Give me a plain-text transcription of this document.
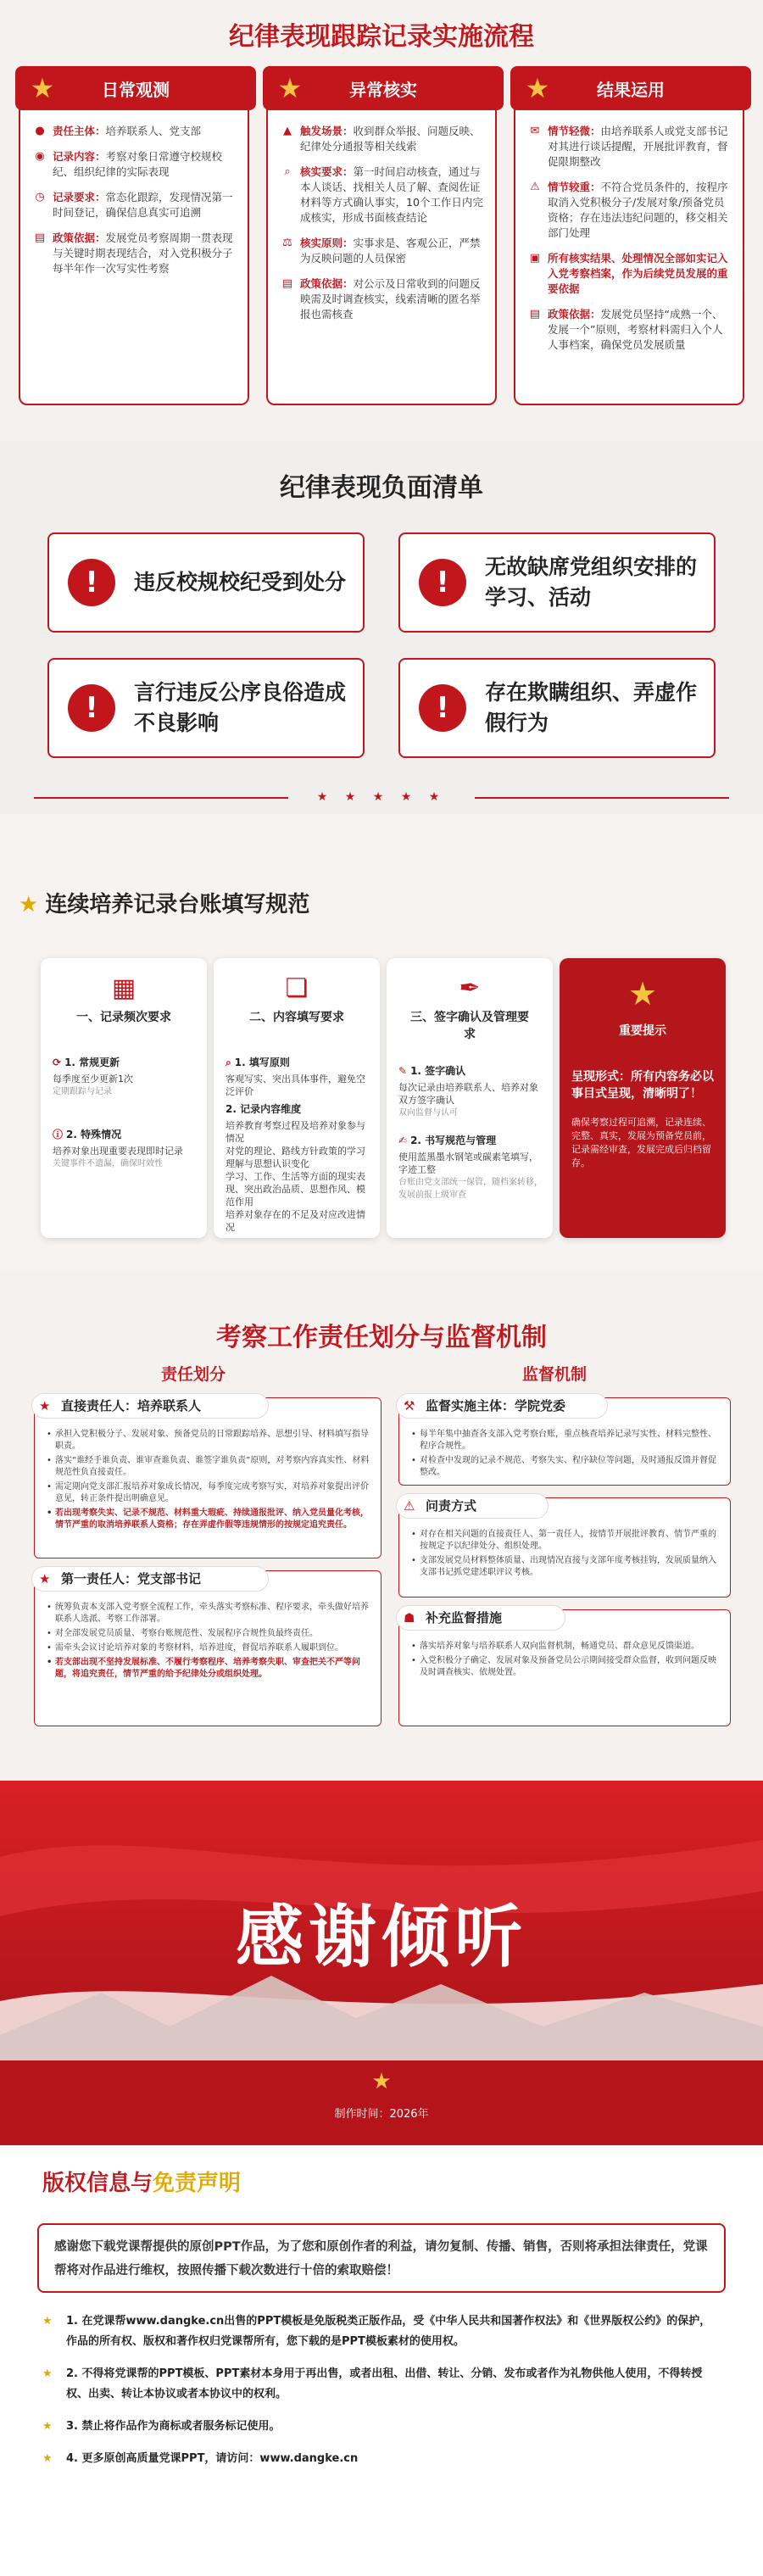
纪律表现跟踪记录实施流程
★	日常观测
● 责任主体：培养联系人、党支部
◉ 记录内容：考察对象日常遵守校规校纪、组织纪律的实际表现
◷ 记录要求：常态化跟踪，发现情况第一时间登记，确保信息真实可追溯
▤ 政策依据：发展党员考察周期一贯表现与关键时期表现结合，对入党积极分子每半年作一次写实性考察
★	异常核实
▲ 触发场景：收到群众举报、问题反映、纪律处分通报等相关线索
⌕ 核实要求：第一时间启动核查，通过与本人谈话、找相关人员了解、查阅佐证材料等方式确认事实，10个工作日内完成核实，形成书面核查结论
⚖ 核实原则：实事求是、客观公正，严禁为反映问题的人员保密
▤ 政策依据：对公示及日常收到的问题反映需及时调查核实，线索清晰的匿名举报也需核查
★	结果运用
✉ 情节轻微：由培养联系人或党支部书记对其进行谈话提醒，开展批评教育，督促限期整改
⚠ 情节较重：不符合党员条件的，按程序取消入党积极分子/发展对象/预备党员资格；存在违法违纪问题的，移交相关部门处理
▣ 所有核实结果、处理情况全部如实记入入党考察档案，作为后续党员发展的重要依据
▤ 政策依据：发展党员坚持“成熟一个、发展一个”原则，考察材料需归入个人人事档案，确保党员发展质量
纪律表现负面清单
!	违反校规校纪受到处分	!	无故缺席党组织安排的学习、活动
!	言行违反公序良俗造成不良影响	!	存在欺瞒组织、弄虚作假行为
★ ★ ★ ★ ★
★ 连续培养记录台账填写规范
▦
一、记录频次要求
⟳ 1. 常规更新
每季度至少更新1次
定期跟踪与记录
ⓘ 2. 特殊情况
培养对象出现重要表现即时记录
关键事件不遗漏，确保时效性
❏
二、内容填写要求
⌕ 1. 填写原则
客观写实、突出具体事件，避免空泛评价
2. 记录内容维度
培养教育考察过程及培养对象参与情况
对党的理论、路线方针政策的学习理解与思想认识变化
学习、工作、生活等方面的现实表现、突出政治品质、思想作风、模范作用
培养对象存在的不足及对应改进情况
✒
三、签字确认及管理要求
✎ 1. 签字确认
每次记录由培养联系人、培养对象双方签字确认
双向监督与认可
✍ 2. 书写规范与管理
使用蓝黑墨水钢笔或碳素笔填写，字迹工整
台账由党支部统一保管，随档案转移，发展前报上级审查
★
重要提示
呈现形式：所有内容务必以事目式呈现，清晰明了！
确保考察过程可追溯，记录连续、完整、真实，发展为预备党员前，记录需经审查，发展完成后归档留存。
考察工作责任划分与监督机制
责任划分	监督机制
★ 直接责任人：培养联系人
• 承担入党积极分子、发展对象、预备党员的日常跟踪培养、思想引导、材料填写指导职责。
• 落实“谁经手谁负责、谁审查谁负责、谁签字谁负责”原则，对考察内容真实性、材料规范性负直接责任。
• 需定期向党支部汇报培养对象成长情况，每季度完成考察写实，对培养对象提出评价意见，转正条件提出明确意见。
• 若出现考察失实、记录不规范、材料重大瑕疵、持续通报批评、纳入党员量化考核，情节严重的取消培养联系人资格；存在弄虚作假等违规情形的按规定追究责任。
★ 第一责任人：党支部书记
• 统筹负责本支部入党考察全流程工作，牵头落实考察标准、程序要求，牵头做好培养联系人选派、考察工作部署。
• 对全部发展党员质量、考察台账规范性、发展程序合规性负最终责任。
• 需牵头会议讨论培养对象的考察材料，培养进度，督促培养联系人履职到位。
• 若支部出现不坚持发展标准、不履行考察程序、培养考察失职、审查把关不严等问题，将追究责任，情节严重的给予纪律处分或组织处理。
⚒ 监督实施主体：学院党委
• 每半年集中抽查各支部入党考察台账，重点核查培养记录写实性、材料完整性、程序合规性。
• 对检查中发现的记录不规范、考察失实、程序缺位等问题，及时通报反馈并督促整改。
⚠ 问责方式
• 对存在相关问题的直接责任人、第一责任人，按情节开展批评教育、情节严重的按规定予以纪律处分、组织处理。
• 支部发展党员材料整体质量、出现情况直接与支部年度考核挂钩，发展质量纳入支部书记抓党建述职评议考核。
☗ 补充监督措施
• 落实培养对象与培养联系人双向监督机制，畅通党员、群众意见反馈渠道。
• 入党积极分子确定、发展对象及预备党员公示期间接受群众监督，收到问题反映及时调查核实、依规处置。
感谢倾听
★
制作时间：2026年
版权信息与免责声明
感谢您下载党课帮提供的原创PPT作品，为了您和原创作者的利益，请勿复制、传播、销售，否则将承担法律责任，党课帮将对作品进行维权，按照传播下载次数进行十倍的索取赔偿！
★ 1. 在党课帮www.dangke.cn出售的PPT模板是免版税类正版作品，受《中华人民共和国著作权法》和《世界版权公约》的保护，作品的所有权、版权和著作权归党课帮所有，您下载的是PPT模板素材的使用权。
★ 2. 不得将党课帮的PPT模板、PPT素材本身用于再出售，或者出租、出借、转让、分销、发布或者作为礼物供他人使用，不得转授权、出卖、转让本协议或者本协议中的权利。
★ 3. 禁止将作品作为商标或者服务标记使用。
★ 4. 更多原创高质量党课PPT，请访问：www.dangke.cn
